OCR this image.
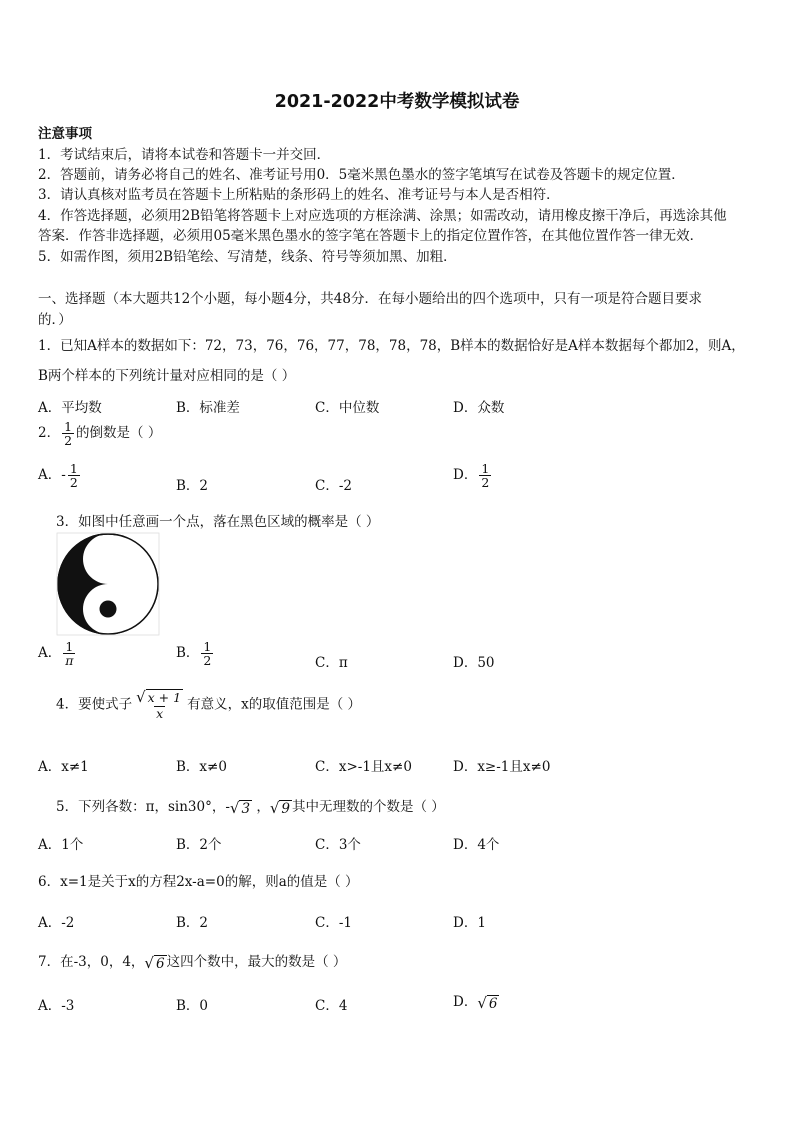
2021-2022中考数学模拟试卷
注意事项
1．考试结束后，请将本试卷和答题卡一并交回．
2．答题前，请务必将自己的姓名、准考证号用0．5毫米黑色墨水的签字笔填写在试卷及答题卡的规定位置．
3．请认真核对监考员在答题卡上所粘贴的条形码上的姓名、准考证号与本人是否相符．
4．作答选择题，必须用2B铅笔将答题卡上对应选项的方框涂满、涂黑；如需改动，请用橡皮擦干净后，再选涂其他
答案．作答非选择题，必须用05毫米黑色墨水的签字笔在答题卡上的指定位置作答，在其他位置作答一律无效．
5．如需作图，须用2B铅笔绘、写清楚，线条、符号等须加黑、加粗．
一、选择题（本大题共12个小题，每小题4分，共48分．在每小题给出的四个选项中，只有一项是符合题目要求
的．）
1．已知A样本的数据如下：72，73，76，76，77，78，78，78，B样本的数据恰好是A样本数据每个都加2，则A，
B两个样本的下列统计量对应相同的是（ ）
A．平均数	B．标准差	C．中位数	D．众数
2． $\frac{1}{2}$ 的倒数是（ ）
A．- $\frac{1}{2}$	B．2	C．-2
D． $\frac{1}{2}$
3．如图中任意画一个点，落在黑色区域的概率是（ ）
A． $\frac{1}{\pi}$	B． $\frac{1}{2}$	C．π	D．50
4．要使式子 $\frac{√ x + 1}{x}$ 有意义，x的取值范围是（ ）
A．x≠1	B．x≠0	C．x>-1且x≠0	D．x≥-1且x≠0
5．下列各数：π，sin30°，-√ 3 ，√ 9 其中无理数的个数是（ ）
A．1个	B．2个	C．3个	D．4个
6．x=1是关于x的方程2x-a=0的解，则a的值是（ ）
A．-2	B．2	C．-1	D．1
7．在-3，0，4，√ 6 这四个数中，最大的数是（ ）
A．-3	B．0	C．4	D．√ 6
